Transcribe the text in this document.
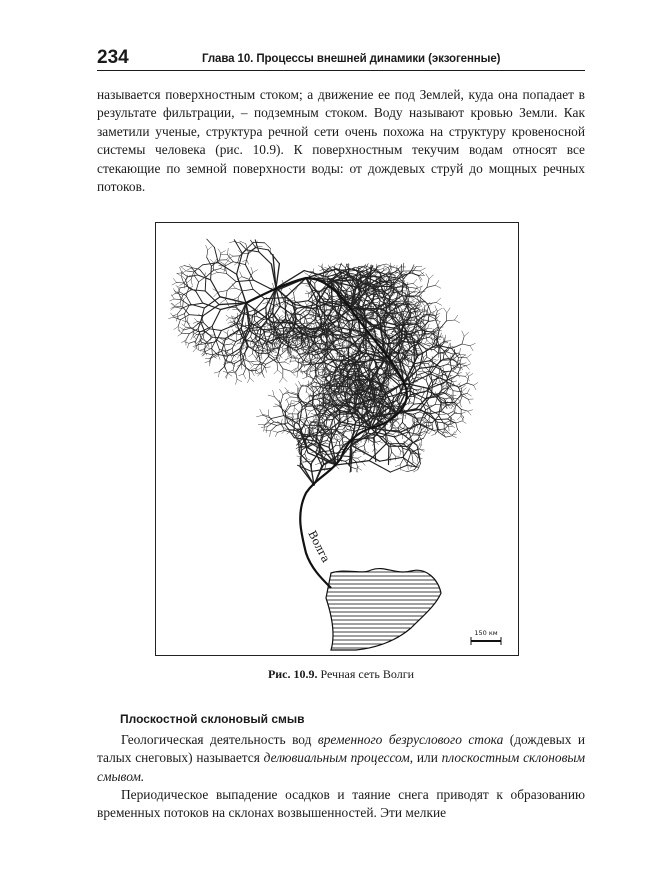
234	Глава 10. Процессы внешней динамики (экзогенные)

называется поверхностным стоком; а движение ее под Землей, куда она попадает в результате фильтрации, – подземным стоком. Воду называют кровью Земли. Как заметили ученые, структура речной сети очень похожа на структуру кровеносной системы человека (рис. 10.9). К поверхностным текучим водам относят все стекающие по земной поверхности воды: от дождевых струй до мощных речных потоков.

Волга
150 км
Рис. 10.9. Речная сеть Волги
Плоскостной склоновый смыв

Геологическая деятельность вод временного безруслового стока (дождевых и талых снеговых) называется делювиальным процессом, или плоскостным склоновым смывом.

Периодическое выпадение осадков и таяние снега приводят к образованию временных потоков на склонах возвышенностей. Эти мелкие
